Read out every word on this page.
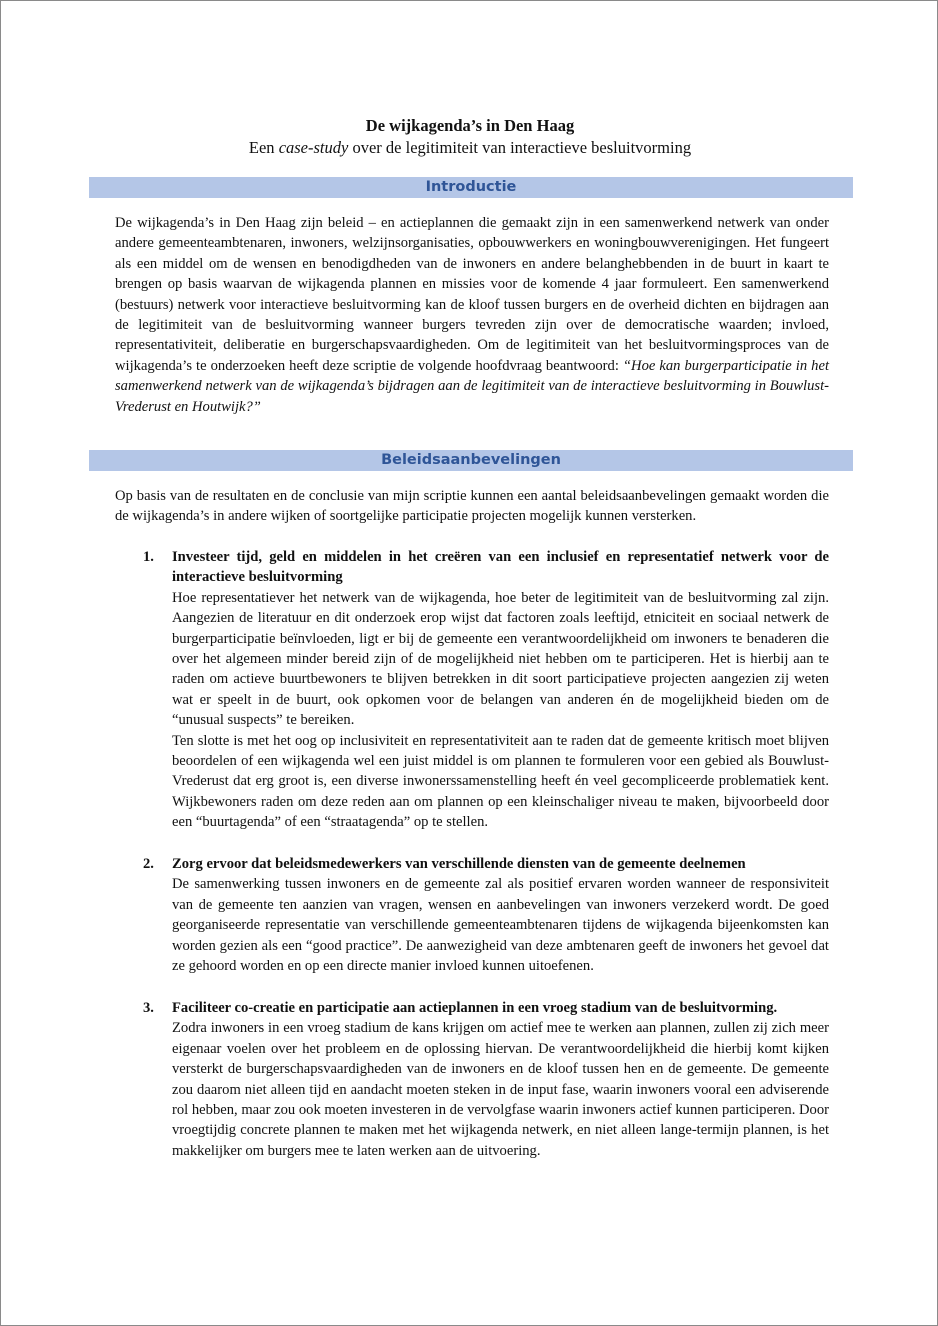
De wijkagenda’s in Den Haag
Een case-study over de legitimiteit van interactieve besluitvorming
Introductie
De wijkagenda’s in Den Haag zijn beleid – en actieplannen die gemaakt zijn in een samenwerkend netwerk van onder andere gemeenteambtenaren, inwoners, welzijnsorganisaties, opbouwwerkers en woningbouwverenigingen. Het fungeert als een middel om de wensen en benodigdheden van de inwoners en andere belanghebbenden in de buurt in kaart te brengen op basis waarvan de wijkagenda plannen en missies voor de komende 4 jaar formuleert. Een samenwerkend (bestuurs) netwerk voor interactieve besluitvorming kan de kloof tussen burgers en de overheid dichten en bijdragen aan de legitimiteit van de besluitvorming wanneer burgers tevreden zijn over de democratische waarden; invloed, representativiteit, deliberatie en burgerschapsvaardigheden. Om de legitimiteit van het besluitvormingsproces van de wijkagenda’s te onderzoeken heeft deze scriptie de volgende hoofdvraag beantwoord: “Hoe kan burgerparticipatie in het samenwerkend netwerk van de wijkagenda’s bijdragen aan de legitimiteit van de interactieve besluitvorming in Bouwlust-Vrederust en Houtwijk?”
Beleidsaanbevelingen
Op basis van de resultaten en de conclusie van mijn scriptie kunnen een aantal beleidsaanbevelingen gemaakt worden die de wijkagenda’s in andere wijken of soortgelijke participatie projecten mogelijk kunnen versterken.
1.	Investeer tijd, geld en middelen in het creëren van een inclusief en representatief netwerk voor de interactieve besluitvorming

Hoe representatiever het netwerk van de wijkagenda, hoe beter de legitimiteit van de besluitvorming zal zijn. Aangezien de literatuur en dit onderzoek erop wijst dat factoren zoals leeftijd, etniciteit en sociaal netwerk de burgerparticipatie beïnvloeden, ligt er bij de gemeente een verantwoordelijkheid om inwoners te benaderen die over het algemeen minder bereid zijn of de mogelijkheid niet hebben om te participeren. Het is hierbij aan te raden om actieve buurtbewoners te blijven betrekken in dit soort participatieve projecten aangezien zij weten wat er speelt in de buurt, ook opkomen voor de belangen van anderen én de mogelijkheid bieden om de “unusual suspects” te bereiken.

Ten slotte is met het oog op inclusiviteit en representativiteit aan te raden dat de gemeente kritisch moet blijven beoordelen of een wijkagenda wel een juist middel is om plannen te formuleren voor een gebied als Bouwlust-Vrederust dat erg groot is, een diverse inwonerssamenstelling heeft én veel gecompliceerde problematiek kent. Wijkbewoners raden om deze reden aan om plannen op een kleinschaliger niveau te maken, bijvoorbeeld door een “buurtagenda” of een “straatagenda” op te stellen.

2.	Zorg ervoor dat beleidsmedewerkers van verschillende diensten van de gemeente deelnemen

De samenwerking tussen inwoners en de gemeente zal als positief ervaren worden wanneer de responsiviteit van de gemeente ten aanzien van vragen, wensen en aanbevelingen van inwoners verzekerd wordt. De goed georganiseerde representatie van verschillende gemeenteambtenaren tijdens de wijkagenda bijeenkomsten kan worden gezien als een “good practice”. De aanwezigheid van deze ambtenaren geeft de inwoners het gevoel dat ze gehoord worden en op een directe manier invloed kunnen uitoefenen.

3.	Faciliteer co-creatie en participatie aan actieplannen in een vroeg stadium van de besluitvorming.

Zodra inwoners in een vroeg stadium de kans krijgen om actief mee te werken aan plannen, zullen zij zich meer eigenaar voelen over het probleem en de oplossing hiervan. De verantwoordelijkheid die hierbij komt kijken versterkt de burgerschapsvaardigheden van de inwoners en de kloof tussen hen en de gemeente. De gemeente zou daarom niet alleen tijd en aandacht moeten steken in de input fase, waarin inwoners vooral een adviserende rol hebben, maar zou ook moeten investeren in de vervolgfase waarin inwoners actief kunnen participeren. Door vroegtijdig concrete plannen te maken met het wijkagenda netwerk, en niet alleen lange-termijn plannen, is het makkelijker om burgers mee te laten werken aan de uitvoering.
